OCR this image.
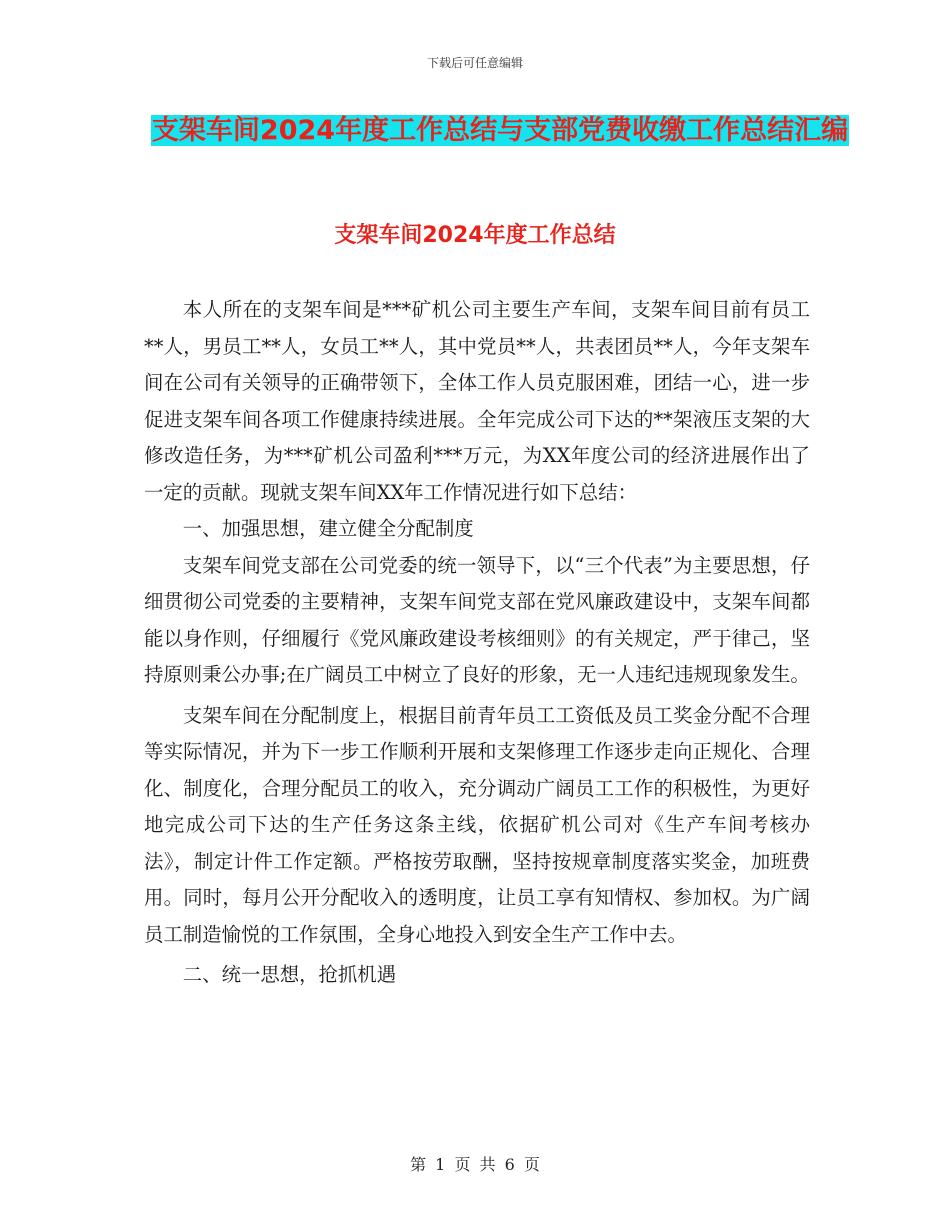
下载后可任意编辑
支架车间2024年度工作总结与支部党费收缴工作总结汇编
支架车间2024年度工作总结

本人所在的支架车间是***矿机公司主要生产车间，支架车间目前有员工**人，男员工**人，女员工**人，其中党员**人，共表团员**人，今年支架车间在公司有关领导的正确带领下，全体工作人员克服困难，团结一心，进一步促进支架车间各项工作健康持续进展。全年完成公司下达的**架液压支架的大修改造任务，为***矿机公司盈利***万元，为XX年度公司的经济进展作出了一定的贡献。现就支架车间XX年工作情况进行如下总结：

一、加强思想，建立健全分配制度

支架车间党支部在公司党委的统一领导下，以“三个代表”为主要思想，仔细贯彻公司党委的主要精神，支架车间党支部在党风廉政建设中，支架车间都能以身作则，仔细履行《党风廉政建设考核细则》的有关规定，严于律己，坚持原则秉公办事;在广阔员工中树立了良好的形象，无一人违纪违规现象发生。

支架车间在分配制度上，根据目前青年员工工资低及员工奖金分配不合理等实际情况，并为下一步工作顺利开展和支架修理工作逐步走向正规化、合理化、制度化，合理分配员工的收入，充分调动广阔员工工作的积极性，为更好地完成公司下达的生产任务这条主线，依据矿机公司对《生产车间考核办法》，制定计件工作定额。严格按劳取酬，坚持按规章制度落实奖金，加班费用。同时，每月公开分配收入的透明度，让员工享有知情权、参加权。为广阔员工制造愉悦的工作氛围，全身心地投入到安全生产工作中去。

二、统一思想，抢抓机遇

第 1 页 共 6 页
